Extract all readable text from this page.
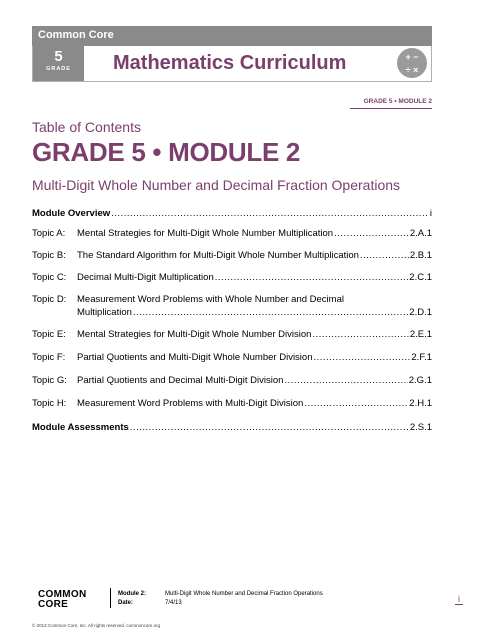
Common Core
5
GRADE	Mathematics Curriculum	+ −
÷ ×
GRADE 5 • MODULE 2
Table of Contents
GRADE 5 • MODULE 2
Multi-Digit Whole Number and Decimal Fraction Operations
Module Overview .....	i
Topic A: Mental Strategies for Multi-Digit Whole Number Multiplication .....	2.A.1
Topic B: The Standard Algorithm for Multi-Digit Whole Number Multiplication .....	2.B.1
Topic C: Decimal Multi-Digit Multiplication .....	2.C.1
Topic D: Measurement Word Problems with Whole Number and Decimal
Multiplication .....	2.D.1
Topic E: Mental Strategies for Multi-Digit Whole Number Division .....	2.E.1
Topic F: Partial Quotients and Multi-Digit Whole Number Division .....	2.F.1
Topic G: Partial Quotients and Decimal Multi-Digit Division .....	2.G.1
Topic H: Measurement Word Problems with Multi-Digit Division .....	2.H.1
Module Assessments .....	2.S.1
COMMON
CORE
Module 2:
Date:
Multi-Digit Whole Number and Decimal Fraction Operations
7/4/13	i
© 2013 Common Core, Inc. All rights reserved. commoncore.org
